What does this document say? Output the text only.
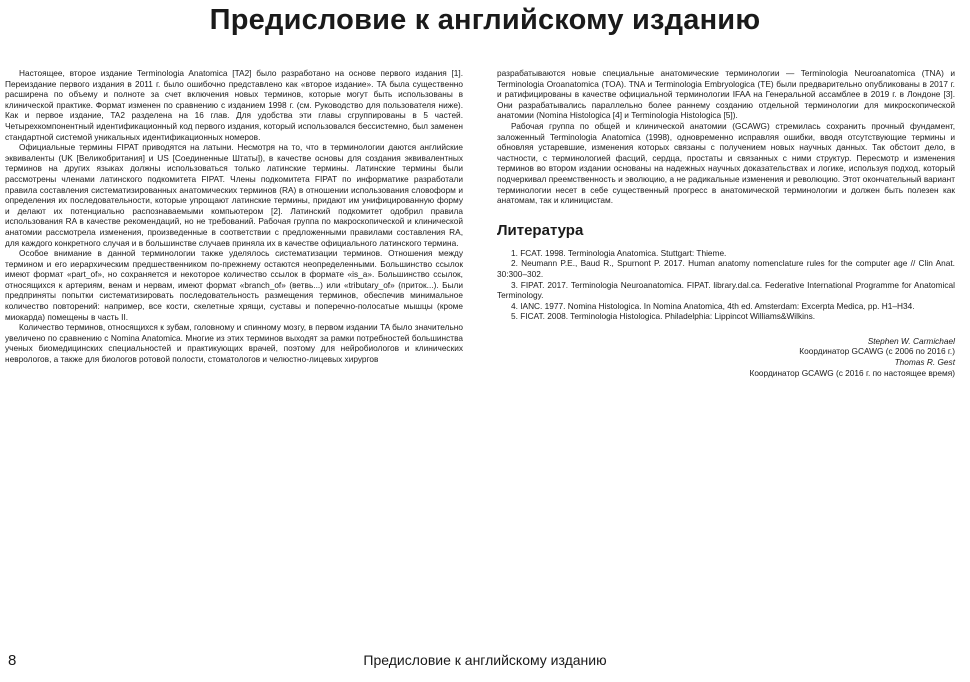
Предисловие к английскому изданию

Настоящее, второе издание Terminologia Anatomica [TA2] было разработано на основе первого издания [1]. Переиздание первого издания в 2011 г. было ошибочно представлено как «второе издание». TA была существенно расширена по объему и полноте за счет включения новых терминов, которые могут быть использованы в клинической практике. Формат изменен по сравнению с изданием 1998 г. (см. Руководство для пользователя ниже). Как и первое издание, TA2 разделена на 16 глав. Для удобства эти главы сгруппированы в 5 частей. Четырехкомпонентный идентификационный код первого издания, который использовался бессистемно, был заменен стандартной системой уникальных идентификационных номеров.

Официальные термины FIPAT приводятся на латыни. Несмотря на то, что в терминологии даются английские эквиваленты (UK [Великобритания] и US [Соединенные Штаты]), в качестве основы для создания эквивалентных терминов на других языках должны использоваться только латинские термины. Латинские термины были рассмотрены членами латинского подкомитета FIPAT. Члены подкомитета FIPAT по информатике разработали правила составления систематизированных анатомических терминов (RA) в отношении использования словоформ и определения их последовательности, которые упрощают латинские термины, придают им унифицированную форму и делают их потенциально распознаваемыми компьютером [2]. Латинский подкомитет одобрил правила использования RA в качестве рекомендаций, но не требований. Рабочая группа по макроскопической и клинической анатомии рассмотрела изменения, произведенные в соответствии с предложенными правилами составления RA, для каждого конкретного случая и в большинстве случаев приняла их в качестве официального латинского термина.

Особое внимание в данной терминологии также уделялось систематизации терминов. Отношения между термином и его иерархическим предшественником по-прежнему остаются неопределенными. Большинство ссылок имеют формат «part_of», но сохраняется и некоторое количество ссылок в формате «is_a». Большинство ссылок, относящихся к артериям, венам и нервам, имеют формат «branch_of» (ветвь...) или «tributary_of» (приток...). Были предприняты попытки систематизировать последовательность размещения терминов, обеспечив минимальное количество повторений: например, все кости, скелетные хрящи, суставы и поперечно-полосатые мышцы (кроме миокарда) помещены в часть II.

Количество терминов, относящихся к зубам, головному и спинному мозгу, в первом издании TA было значительно увеличено по сравнению с Nomina Anatomica. Многие из этих терминов выходят за рамки потребностей большинства ученых биомедицинских специальностей и практикующих врачей, поэтому для нейробиологов и клинических неврологов, а также для биологов ротовой полости, стоматологов и челюстно-лицевых хирургов

разрабатываются новые специальные анатомические терминологии — Terminologia Neuroanatomica (TNA) и Terminologia Oroanatomica (TOA). TNA и Terminologia Embryologica (TE) были предварительно опубликованы в 2017 г. и ратифицированы в качестве официальной терминологии IFAA на Генеральной ассамблее в 2019 г. в Лондоне [3]. Они разрабатывались параллельно более раннему созданию отдельной терминологии для микроскопической анатомии (Nomina Histologica [4] и Terminologia Histologica [5]).

Рабочая группа по общей и клинической анатомии (GCAWG) стремилась сохранить прочный фундамент, заложенный Terminologia Anatomica (1998), одновременно исправляя ошибки, вводя отсутствующие термины и обновляя устаревшие, изменения которых связаны с получением новых научных данных. Так обстоит дело, в частности, с терминологией фасций, сердца, простаты и связанных с ними структур. Пересмотр и изменения терминов во втором издании основаны на надежных научных доказательствах и логике, используя подход, который подчеркивал преемственность и эволюцию, а не радикальные изменения и революцию. Этот окончательный вариант терминологии несет в себе существенный прогресс в анатомической терминологии и должен быть полезен как анатомам, так и клиницистам.

Литература

1. FCAT. 1998. Terminologia Anatomica. Stuttgart: Thieme.

2. Neumann P.E., Baud R., Spurnont P. 2017. Human anatomy nomenclature rules for the computer age // Clin Anat. 30:300–302.

3. FIPAT. 2017. Terminologia Neuroanatomica. FIPAT. library.dal.ca. Federative International Programme for Anatomical Terminology.

4. IANC. 1977. Nomina Histologica. In Nomina Anatomica, 4th ed. Amsterdam: Excerpta Medica, pp. H1–H34.

5. FICAT. 2008. Terminologia Histologica. Philadelphia: Lippincot Williams&Wilkins.

Stephen W. Carmichael
Координатор GCAWG (с 2006 по 2016 г.)
Thomas R. Gest
Координатор GCAWG (с 2016 г. по настоящее время)
8	Предисловие к английскому изданию
